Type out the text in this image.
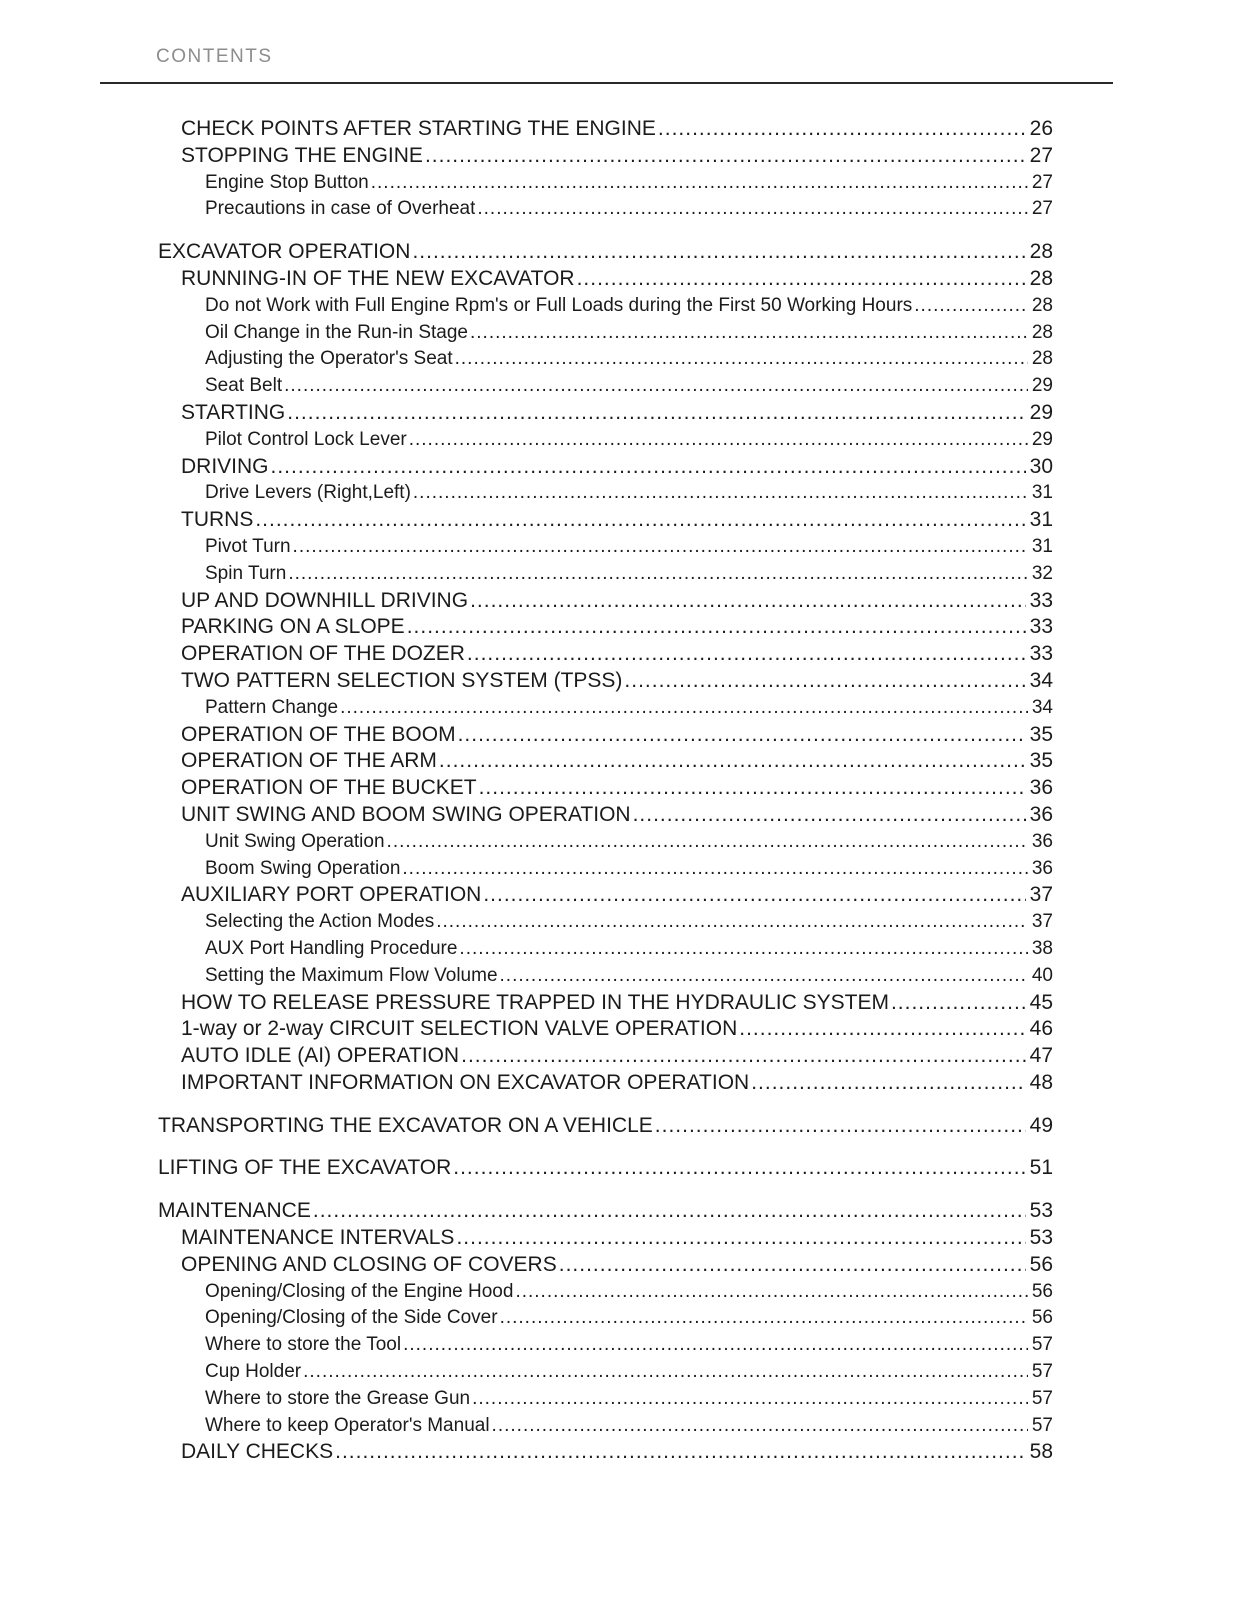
CONTENTS
CHECK POINTS AFTER STARTING THE ENGINE .....	26
STOPPING THE ENGINE .....	27
Engine Stop Button .....	27
Precautions in case of Overheat .....	27
EXCAVATOR OPERATION .....	28
RUNNING-IN OF THE NEW EXCAVATOR .....	28
Do not Work with Full Engine Rpm's or Full Loads during the First 50 Working Hours .....	28
Oil Change in the Run-in Stage .....	28
Adjusting the Operator's Seat .....	28
Seat Belt .....	29
STARTING .....	29
Pilot Control Lock Lever .....	29
DRIVING .....	30
Drive Levers (Right,Left) .....	31
TURNS .....	31
Pivot Turn .....	31
Spin Turn .....	32
UP AND DOWNHILL DRIVING .....	33
PARKING ON A SLOPE .....	33
OPERATION OF THE DOZER .....	33
TWO PATTERN SELECTION SYSTEM (TPSS) .....	34
Pattern Change .....	34
OPERATION OF THE BOOM .....	35
OPERATION OF THE ARM .....	35
OPERATION OF THE BUCKET .....	36
UNIT SWING AND BOOM SWING OPERATION .....	36
Unit Swing Operation .....	36
Boom Swing Operation .....	36
AUXILIARY PORT OPERATION .....	37
Selecting the Action Modes .....	37
AUX Port Handling Procedure .....	38
Setting the Maximum Flow Volume .....	40
HOW TO RELEASE PRESSURE TRAPPED IN THE HYDRAULIC SYSTEM .....	45
1-way or 2-way CIRCUIT SELECTION VALVE OPERATION .....	46
AUTO IDLE (AI) OPERATION .....	47
IMPORTANT INFORMATION ON EXCAVATOR OPERATION .....	48
TRANSPORTING THE EXCAVATOR ON A VEHICLE .....	49
LIFTING OF THE EXCAVATOR .....	51
MAINTENANCE .....	53
MAINTENANCE INTERVALS .....	53
OPENING AND CLOSING OF COVERS .....	56
Opening/Closing of the Engine Hood .....	56
Opening/Closing of the Side Cover .....	56
Where to store the Tool .....	57
Cup Holder .....	57
Where to store the Grease Gun .....	57
Where to keep Operator's Manual .....	57
DAILY CHECKS .....	58
